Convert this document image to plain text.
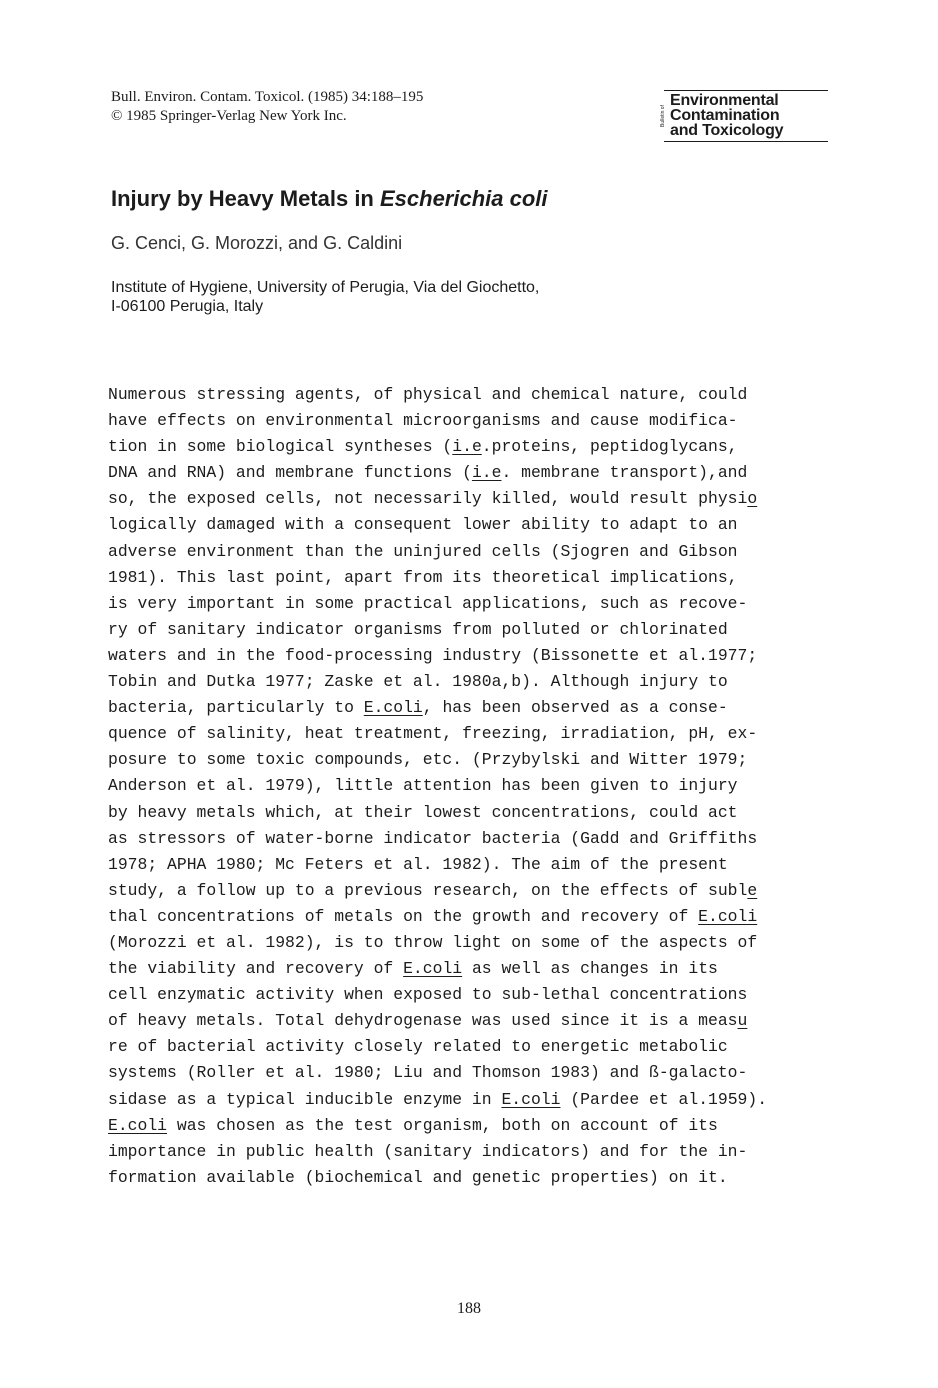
Bull. Environ. Contam. Toxicol. (1985) 34:188–195
© 1985 Springer-Verlag New York Inc.	Bulletin of
Environmental
Contamination
and Toxicology
Injury by Heavy Metals in Escherichia coli
G. Cenci, G. Morozzi, and G. Caldini
Institute of Hygiene, University of Perugia, Via del Giochetto,
I-06100 Perugia, Italy
Numerous stressing agents, of physical and chemical nature, could
have effects on environmental microorganisms and cause modifica-
tion in some biological syntheses (i.e.proteins, peptidoglycans,
DNA and RNA) and membrane functions (i.e. membrane transport),and
so, the exposed cells, not necessarily killed, would result physio
logically damaged with a consequent lower ability to adapt to an
adverse environment than the uninjured cells (Sjogren and Gibson
1981). This last point, apart from its theoretical implications,
is very important in some practical applications, such as recove-
ry of sanitary indicator organisms from polluted or chlorinated
waters and in the food-processing industry (Bissonette et al.1977;
Tobin and Dutka 1977; Zaske et al. 1980a,b). Although injury to
bacteria, particularly to E.coli, has been observed as a conse-
quence of salinity, heat treatment, freezing, irradiation, pH, ex-
posure to some toxic compounds, etc. (Przybylski and Witter 1979;
Anderson et al. 1979), little attention has been given to injury
by heavy metals which, at their lowest concentrations, could act
as stressors of water-borne indicator bacteria (Gadd and Griffiths
1978; APHA 1980; Mc Feters et al. 1982). The aim of the present
study, a follow up to a previous research, on the effects of suble
thal concentrations of metals on the growth and recovery of E.coli
(Morozzi et al. 1982), is to throw light on some of the aspects of
the viability and recovery of E.coli as well as changes in its
cell enzymatic activity when exposed to sub-lethal concentrations
of heavy metals. Total dehydrogenase was used since it is a measu
re of bacterial activity closely related to energetic metabolic
systems (Roller et al. 1980; Liu and Thomson 1983) and ß-galacto-
sidase as a typical inducible enzyme in E.coli (Pardee et al.1959).
E.coli was chosen as the test organism, both on account of its
importance in public health (sanitary indicators) and for the in-
formation available (biochemical and genetic properties) on it.
188
